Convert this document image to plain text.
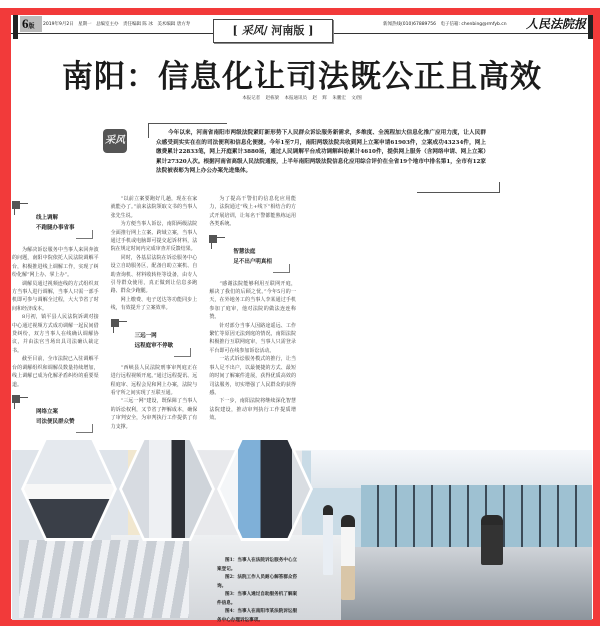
6版	2019年9月2日 星期一 总编室主办 责任编辑 陈 冰 美术编辑 唐方寿	新闻热线(010)67889756 电子信箱: chenbing@rmfyb.cn 人民法院报
[ 采风/ 河南版 ]
南阳：信息化让司法既公正且高效
本报记者 赵栋梁 本报通讯员 赵 辉 朱鹏宏 文/图
采风

今年以来，河南省南阳市两级法院紧盯新形势下人民群众诉讼服务新需求，多维度、全流程加大信息化推广应用力度，让人民群众感受到实实在在的司法便利和信息化便捷。今年1至7月，南阳两级法院共收到网上立案申请61903件，立案成功43234件，网上缴费累计22833笔，网上开庭累计3880场，通过人民调解平台成功调解纠纷累计4610件，提供网上服务（含网络申请、网上立案）累计27320人次。根据河南省高级人民法院通报，上半年南阳两级法院信息化应用综合评价在全省19个地市中排名第1，全市有12家法院被表彰为网上办公办案先进集体。

线上调解
不跑腿办事省事

为解决诉讼服务中当事人来回奔波的问题，南阳中院依托人民法院调解平台，积极推进线上调解工作，实现了纠纷化解“网上办、掌上办”。

调解员通过视频连线的方式组织双方当事人进行调解，当事人只需一部手机即可参与调解全过程，大大节省了时间和经济成本。

8月初，镇平县人民法院诉调对接中心通过视频方式成功调解一起民间借贷纠纷，双方当事人在线确认调解协议，并由法官当场出具司法确认裁定书。

截至目前，全市法院已入驻调解平台的调解组织和调解员数量持续增加，线上调解已成为化解矛盾纠纷的重要渠道。

网络立案
司法便民群众赞

“以前立案要跑好几趟，现在在家就能办了。”前来法院领取文书的当事人张先生说。

为方便当事人诉讼，南阳两级法院全面推行网上立案、跨域立案，当事人通过手机或电脑即可提交起诉材料，法院在规定时间内完成审查并反馈结果。

同时，各基层法院在诉讼服务中心设立自助服务区，配备自助立案机、自助查询机、材料收转柜等设备，由专人引导群众使用，真正做到让信息多跑路、群众少跑腿。

网上缴费、电子送达等功能同步上线，有效提升了立案效率。

三远一网
远程庭审不停歇

“西峡县人民法院刑事审判庭正在进行远程视频开庭。”通过远程提讯、远程庭审、远程会见和网上办案，法院与看守所之间实现了互联互通。

“三远一网”建设，既保障了当事人的诉讼权利，又节省了押解成本，确保了审判安全，为审判执行工作提供了有力支撑。

为了提高干警们的信息化应用能力，法院通过“线上+线下”相结合的方式开展培训，让每名干警都能熟练运用各类系统。

智慧法庭
足不出户明真相

“感谢法院能够利用互联网开庭，解决了我们的后顾之忧。”今年5月的一天，在外地务工的当事人李某通过手机参加了庭审，他对法院的做法连连称赞。

针对部分当事人因路途遥远、工作繁忙等原因无法到庭的情况，南阳法院积极推行互联网庭审，当事人只需登录平台即可在线参加诉讼活动。

一站式诉讼服务模式的推行，让当事人足不出户，以最便捷的方式、最短的时间了解案件进展，获得优质高效的司法服务，切实增强了人民群众的获得感。

下一步，南阳法院将继续深化智慧法院建设，推动审判执行工作提质增效。

图1：当事人在法院诉讼服务中心立案登记。

图2：法院工作人员耐心解答群众咨询。

图3：当事人通过自助服务机了解案件信息。

图4：当事人在南阳市某法院诉讼服务中心办理诉讼事项。
